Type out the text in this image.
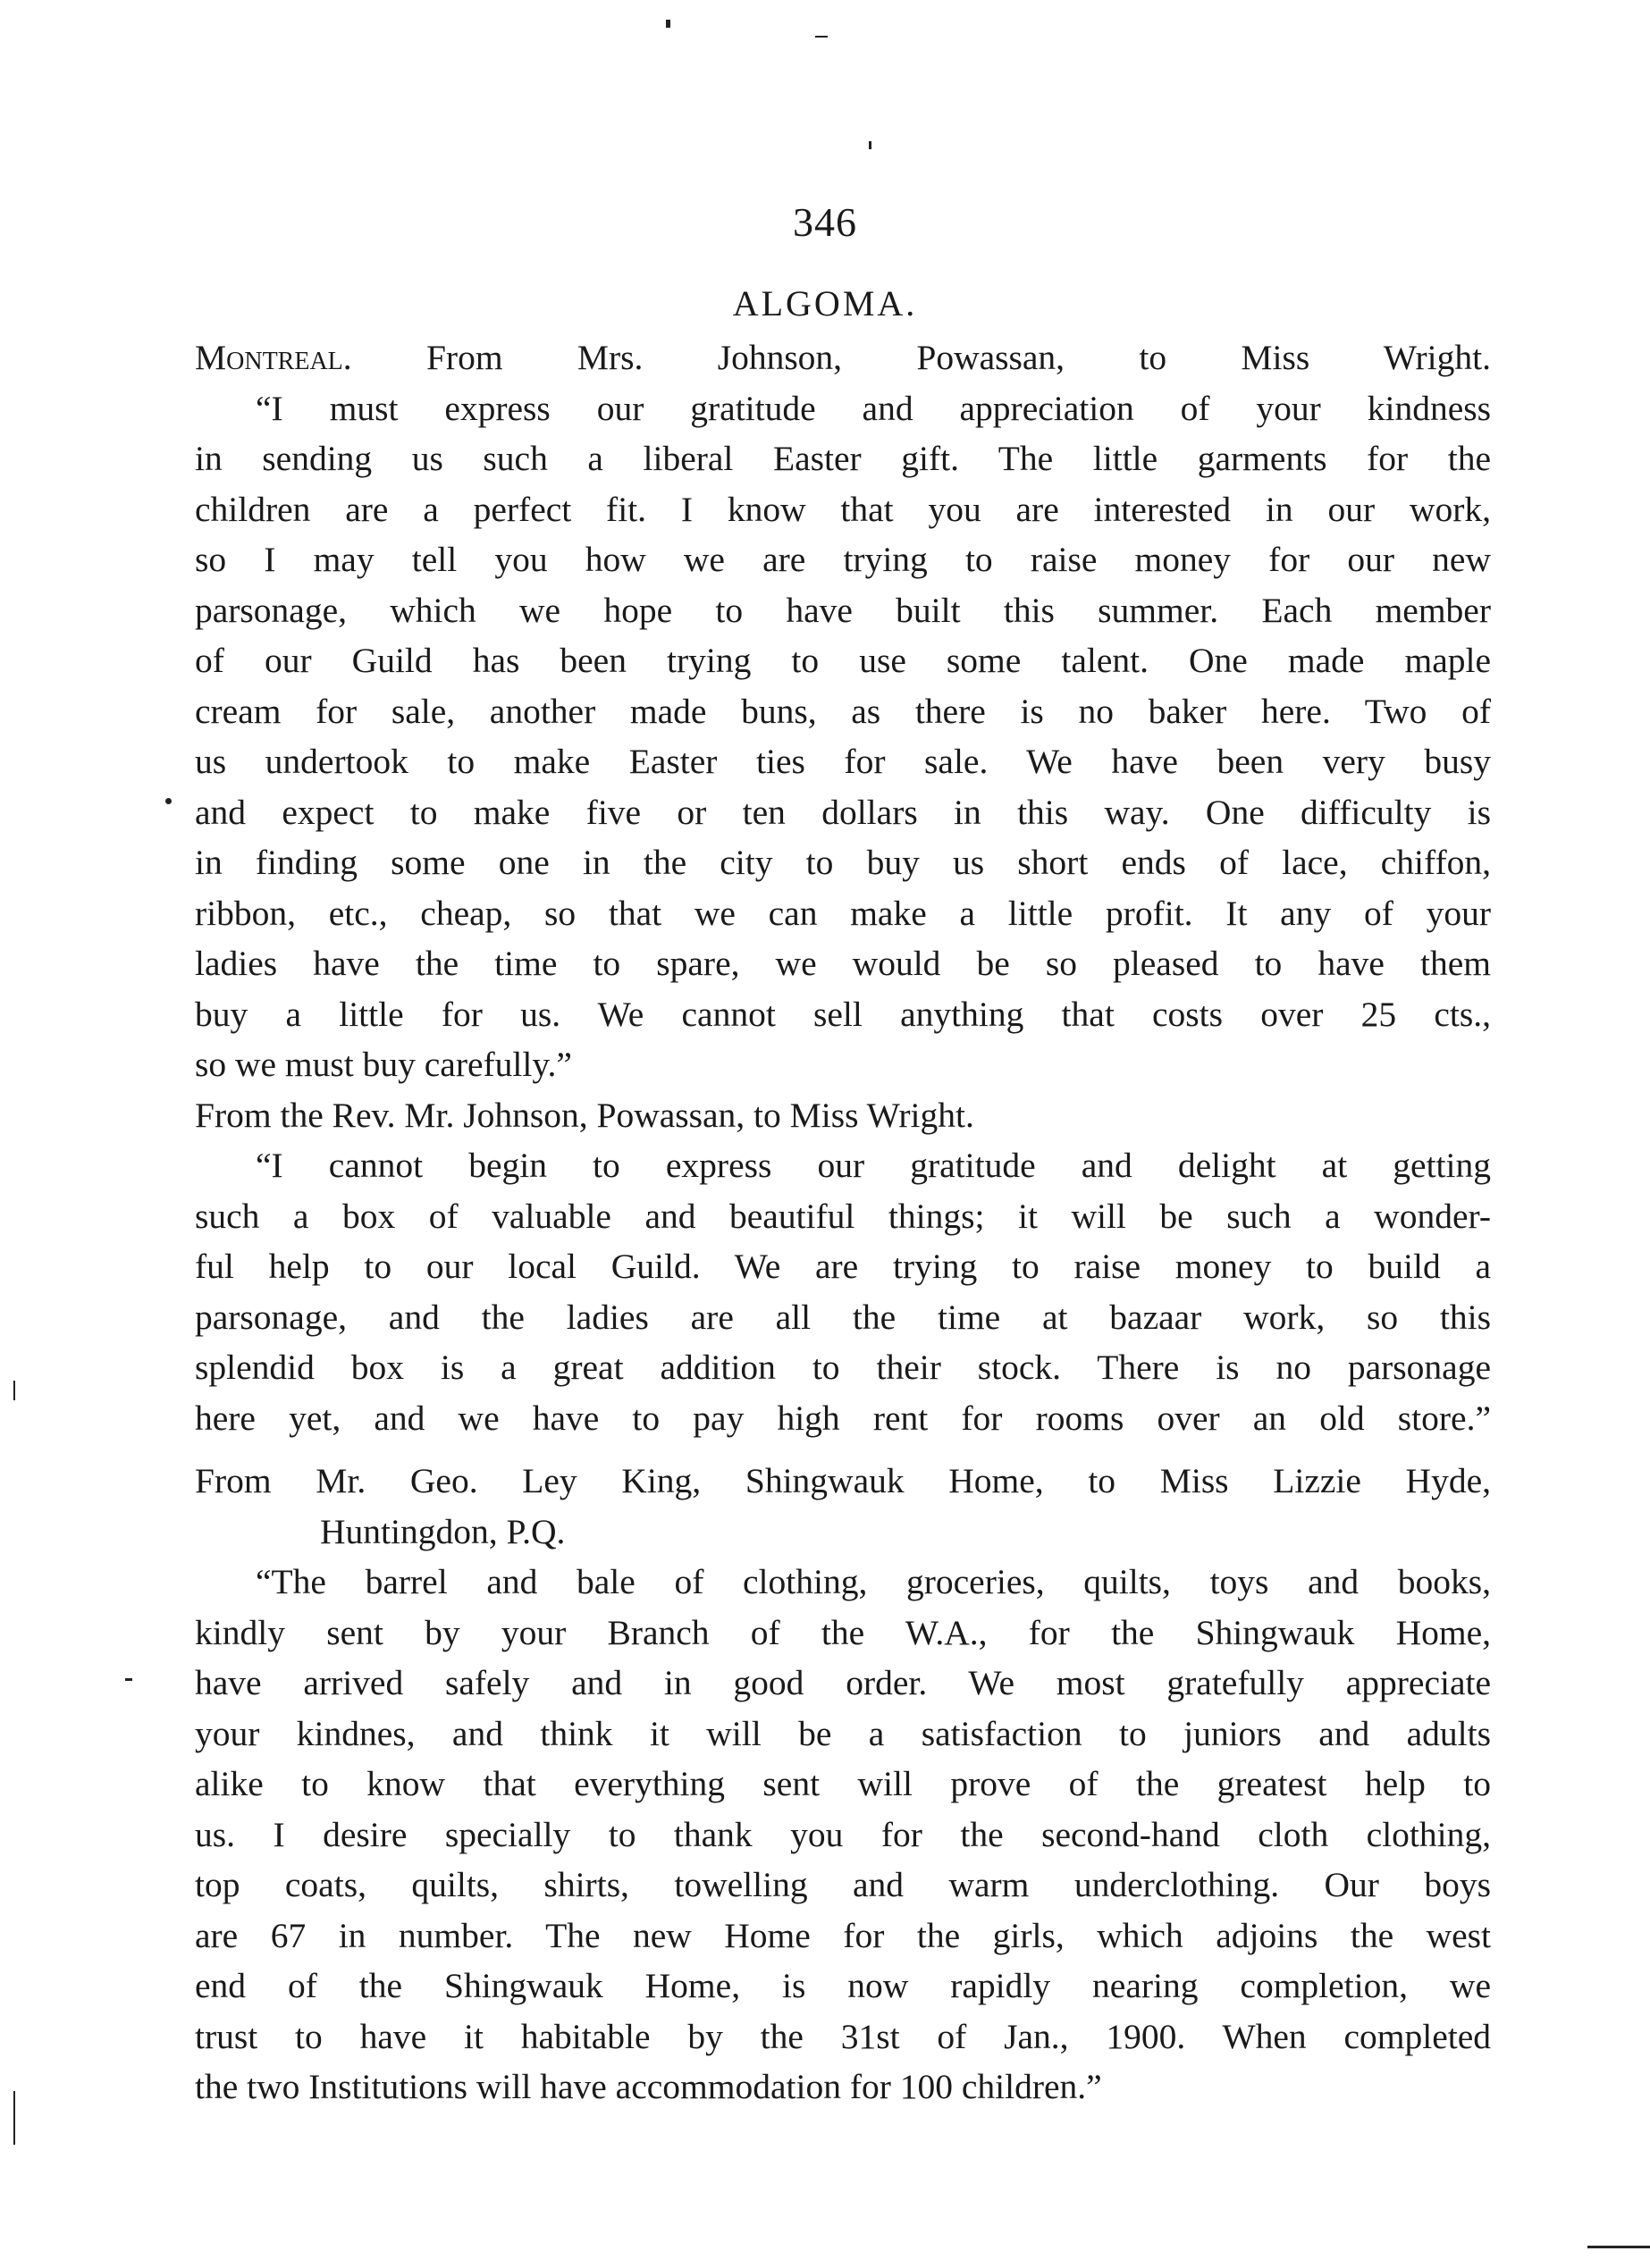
346
ALGOMA.
Montreal. From Mrs. Johnson, Powassan, to Miss Wright.
“I must express our gratitude and appreciation of your kindness
in sending us such a liberal Easter gift. The little garments for the
children are a perfect fit. I know that you are interested in our work,
so I may tell you how we are trying to raise money for our new
parsonage, which we hope to have built this summer. Each member
of our Guild has been trying to use some talent. One made maple
cream for sale, another made buns, as there is no baker here. Two of
us undertook to make Easter ties for sale. We have been very busy
and expect to make five or ten dollars in this way. One difficulty is
in finding some one in the city to buy us short ends of lace, chiffon,
ribbon, etc., cheap, so that we can make a little profit. It any of your
ladies have the time to spare, we would be so pleased to have them
buy a little for us. We cannot sell anything that costs over 25 cts.,
so we must buy carefully.”
From the Rev. Mr. Johnson, Powassan, to Miss Wright.
“I cannot begin to express our gratitude and delight at getting
such a box of valuable and beautiful things; it will be such a wonder-
ful help to our local Guild. We are trying to raise money to build a
parsonage, and the ladies are all the time at bazaar work, so this
splendid box is a great addition to their stock. There is no parsonage
here yet, and we have to pay high rent for rooms over an old store.”
From Mr. Geo. Ley King, Shingwauk Home, to Miss Lizzie Hyde,
Huntingdon, P.Q.
“The barrel and bale of clothing, groceries, quilts, toys and books,
kindly sent by your Branch of the W.A., for the Shingwauk Home,
have arrived safely and in good order. We most gratefully appreciate
your kindnes, and think it will be a satisfaction to juniors and adults
alike to know that everything sent will prove of the greatest help to
us. I desire specially to thank you for the second-hand cloth clothing,
top coats, quilts, shirts, towelling and warm underclothing. Our boys
are 67 in number. The new Home for the girls, which adjoins the west
end of the Shingwauk Home, is now rapidly nearing completion, we
trust to have it habitable by the 31st of Jan., 1900. When completed
the two Institutions will have accommodation for 100 children.”
